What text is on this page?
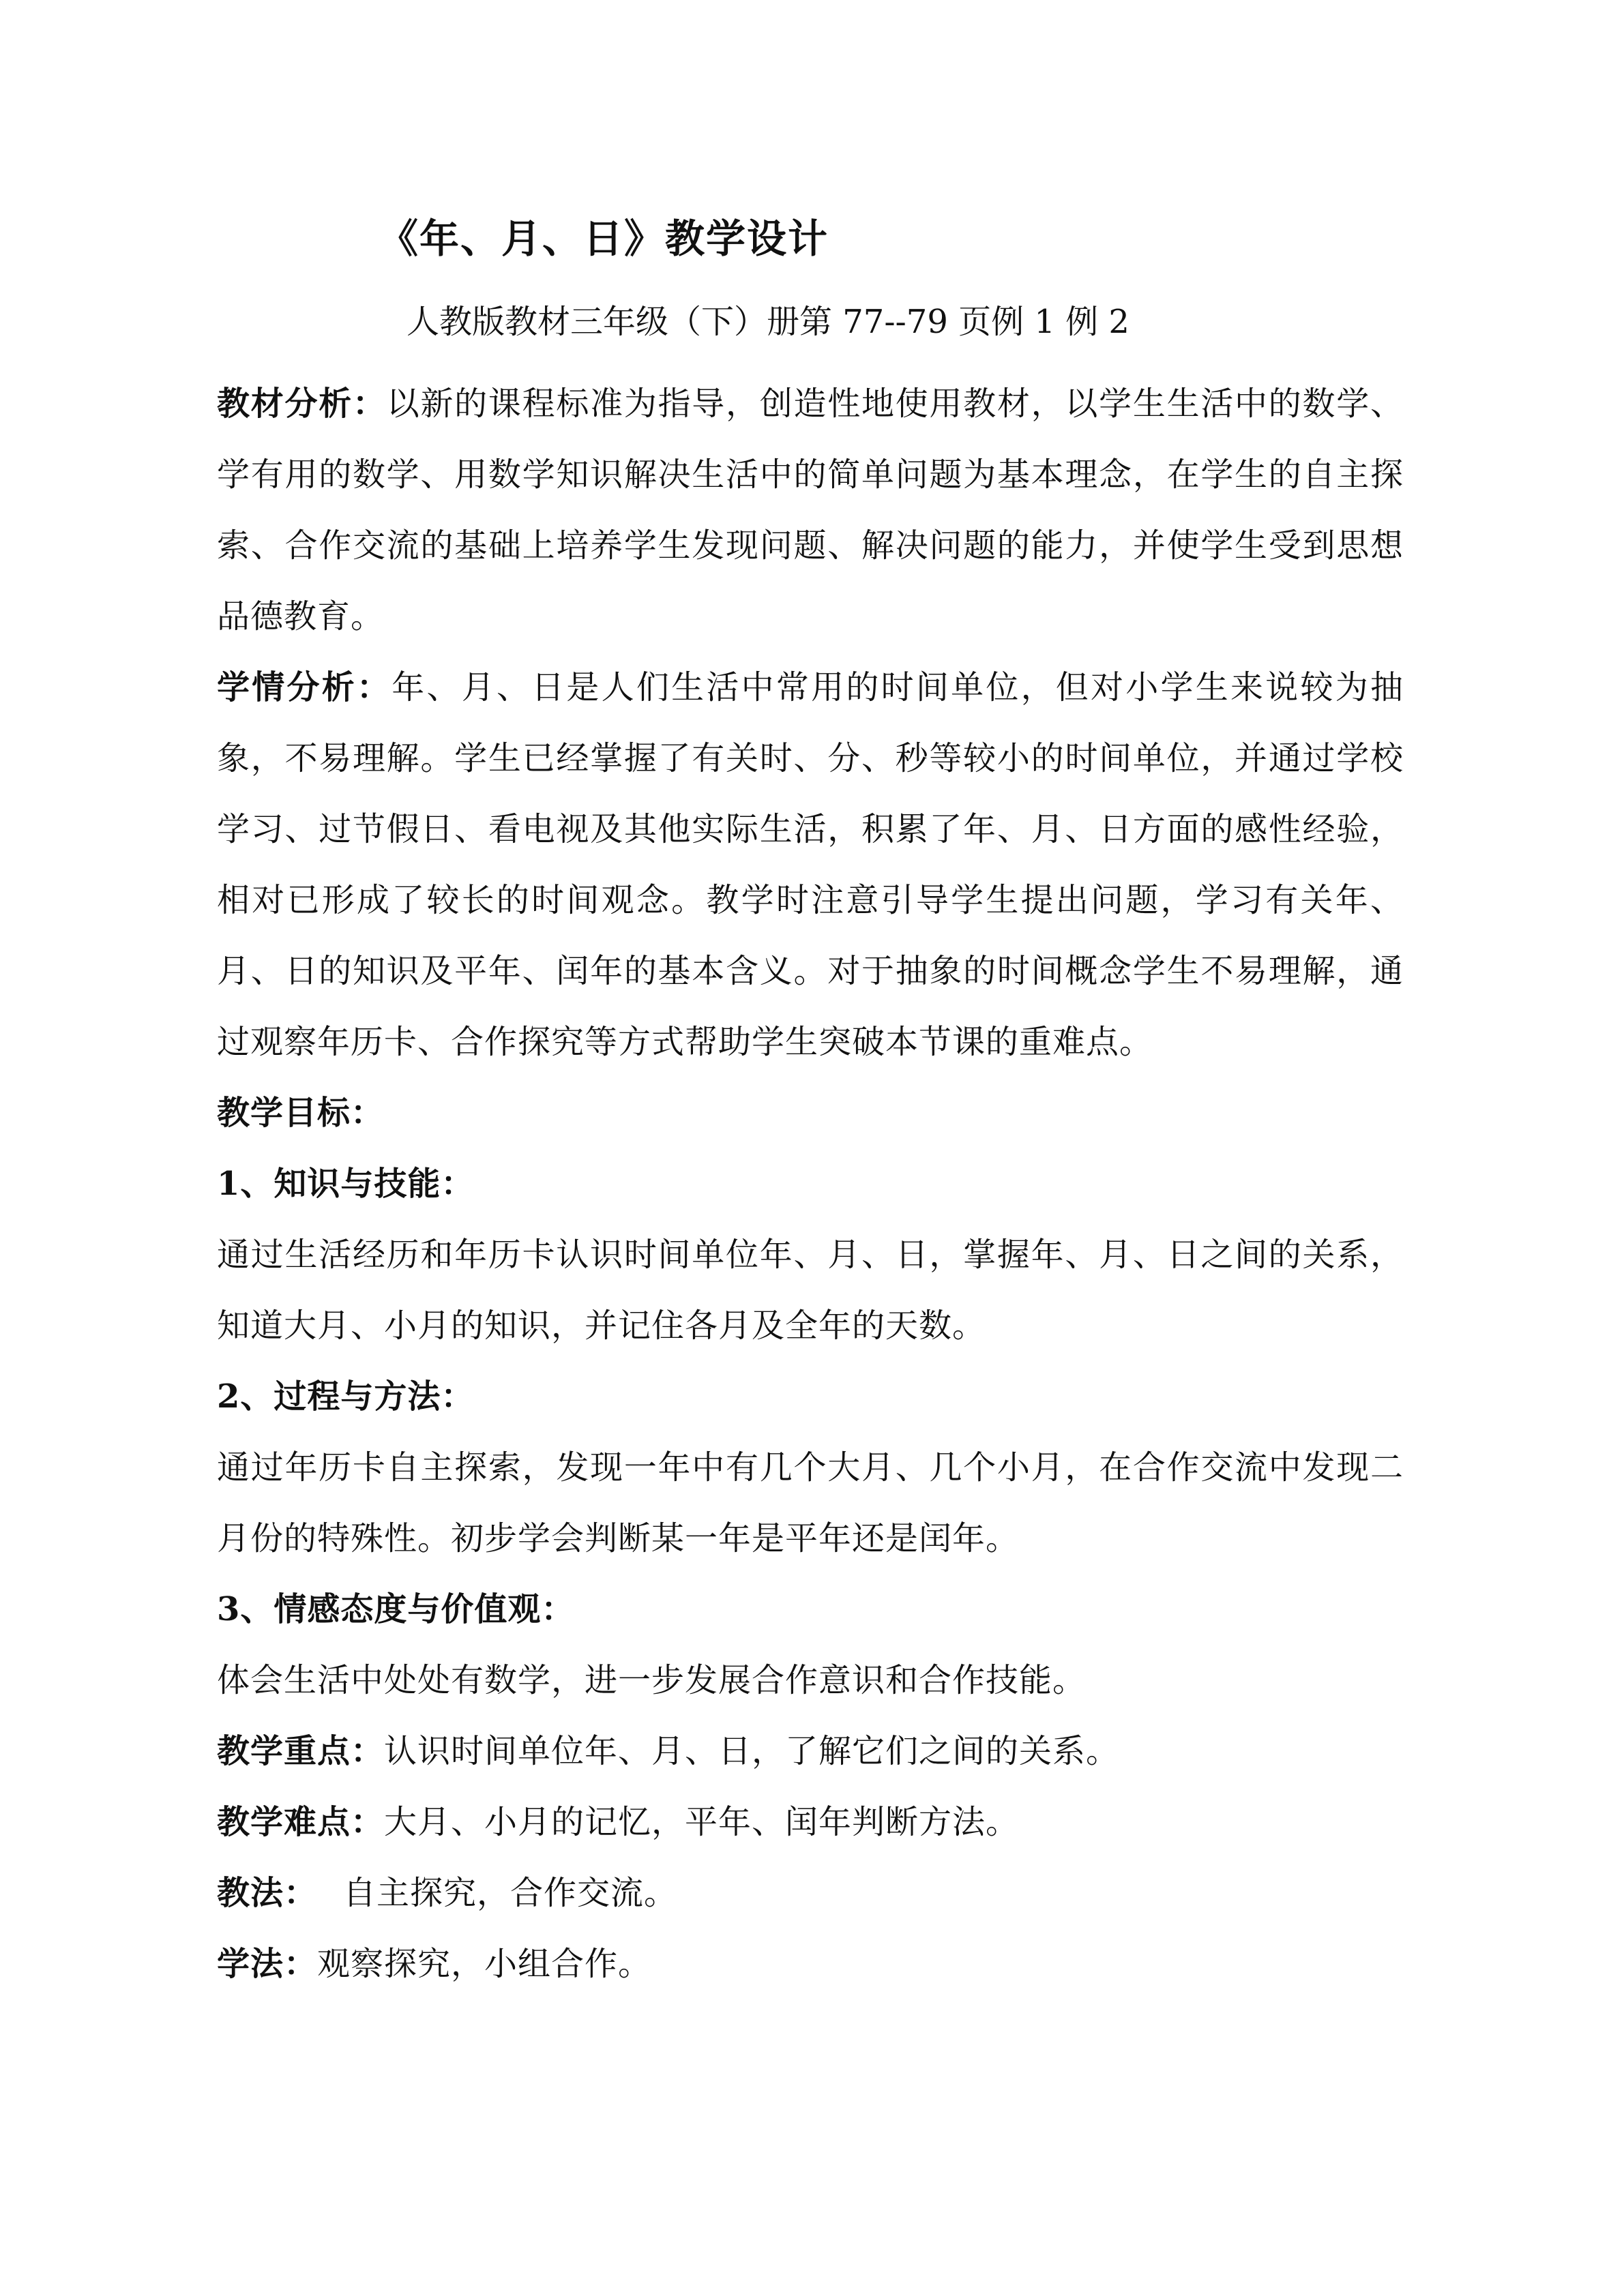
《年、月、日》教学设计
人教版教材三年级（下）册第 77--79 页例 1 例 2

教材分析：以新的课程标准为指导，创造性地使用教材，以学生生活中的数学、学有用的数学、用数学知识解决生活中的简单问题为基本理念，在学生的自主探索、合作交流的基础上培养学生发现问题、解决问题的能力，并使学生受到思想品德教育。

学情分析：年、月、日是人们生活中常用的时间单位，但对小学生来说较为抽象，不易理解。学生已经掌握了有关时、分、秒等较小的时间单位，并通过学校学习、过节假日、看电视及其他实际生活，积累了年、月、日方面的感性经验，相对已形成了较长的时间观念。教学时注意引导学生提出问题，学习有关年、月、日的知识及平年、闰年的基本含义。对于抽象的时间概念学生不易理解，通过观察年历卡、合作探究等方式帮助学生突破本节课的重难点。

教学目标：

1、知识与技能：

通过生活经历和年历卡认识时间单位年、月、日，掌握年、月、日之间的关系，知道大月、小月的知识，并记住各月及全年的天数。

2、过程与方法：

通过年历卡自主探索，发现一年中有几个大月、几个小月，在合作交流中发现二月份的特殊性。初步学会判断某一年是平年还是闰年。

3、情感态度与价值观：

体会生活中处处有数学，进一步发展合作意识和合作技能。

教学重点：认识时间单位年、月、日，了解它们之间的关系。

教学难点：大月、小月的记忆，平年、闰年判断方法。

教法： 自主探究，合作交流。

学法：观察探究，小组合作。
